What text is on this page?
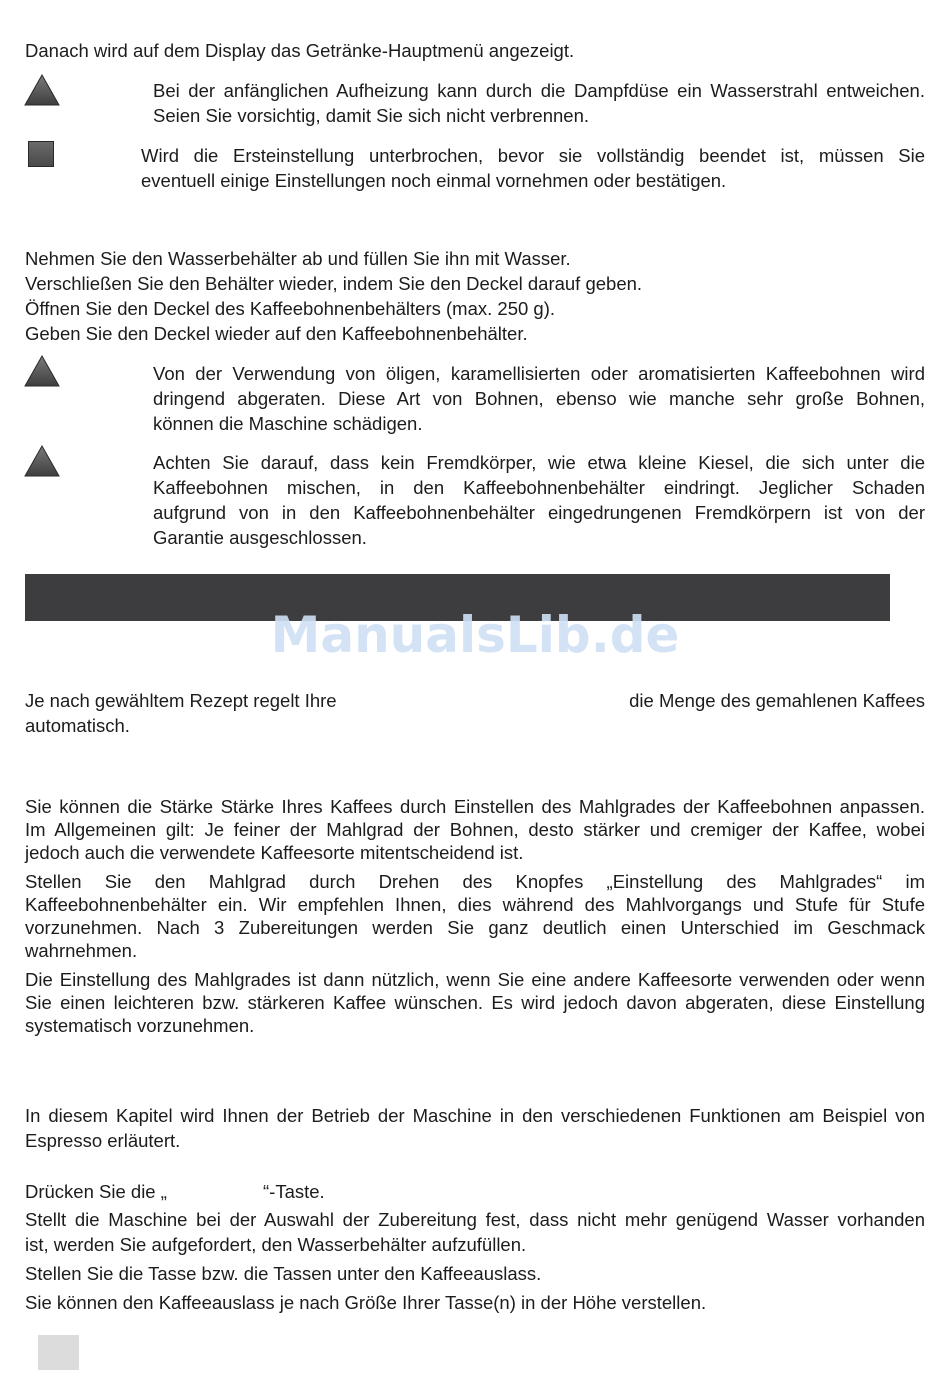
Danach wird auf dem Display das Getränke-Hauptmenü angezeigt.
Bei der anfänglichen Aufheizung kann durch die Dampfdüse ein Wasserstrahl entweichen.
Seien Sie vorsichtig, damit Sie sich nicht verbrennen.
Wird die Ersteinstellung unterbrochen, bevor sie vollständig beendet ist, müssen Sie
eventuell einige Einstellungen noch einmal vornehmen oder bestätigen.
Nehmen Sie den Wasserbehälter ab und füllen Sie ihn mit Wasser.
Verschließen Sie den Behälter wieder, indem Sie den Deckel darauf geben.
Öffnen Sie den Deckel des Kaffeebohnenbehälters (max. 250 g).
Geben Sie den Deckel wieder auf den Kaffeebohnenbehälter.
Von der Verwendung von öligen, karamellisierten oder aromatisierten Kaffeebohnen wird
dringend abgeraten. Diese Art von Bohnen, ebenso wie manche sehr große Bohnen,
können die Maschine schädigen.
Achten Sie darauf, dass kein Fremdkörper, wie etwa kleine Kiesel, die sich unter die
Kaffeebohnen mischen, in den Kaffeebohnenbehälter eindringt. Jeglicher Schaden
aufgrund von in den Kaffeebohnenbehälter eingedrungenen Fremdkörpern ist von der
Garantie ausgeschlossen.
ManualsLib.de
Je nach gewähltem Rezept regelt Ihre	die Menge des gemahlenen Kaffees
automatisch.
Sie können die Stärke Stärke Ihres Kaffees durch Einstellen des Mahlgrades der Kaffeebohnen anpassen.
Im Allgemeinen gilt: Je feiner der Mahlgrad der Bohnen, desto stärker und cremiger der Kaffee, wobei
jedoch auch die verwendete Kaffeesorte mitentscheidend ist.
Stellen Sie den Mahlgrad durch Drehen des Knopfes „Einstellung des Mahlgrades“ im
Kaffeebohnenbehälter ein. Wir empfehlen Ihnen, dies während des Mahlvorgangs und Stufe für Stufe
vorzunehmen. Nach 3 Zubereitungen werden Sie ganz deutlich einen Unterschied im Geschmack
wahrnehmen.
Die Einstellung des Mahlgrades ist dann nützlich, wenn Sie eine andere Kaffeesorte verwenden oder wenn
Sie einen leichteren bzw. stärkeren Kaffee wünschen. Es wird jedoch davon abgeraten, diese Einstellung
systematisch vorzunehmen.
In diesem Kapitel wird Ihnen der Betrieb der Maschine in den verschiedenen Funktionen am Beispiel von
Espresso erläutert.
Drücken Sie die „	“-Taste.
Stellt die Maschine bei der Auswahl der Zubereitung fest, dass nicht mehr genügend Wasser vorhanden
ist, werden Sie aufgefordert, den Wasserbehälter aufzufüllen.
Stellen Sie die Tasse bzw. die Tassen unter den Kaffeeauslass.
Sie können den Kaffeeauslass je nach Größe Ihrer Tasse(n) in der Höhe verstellen.
